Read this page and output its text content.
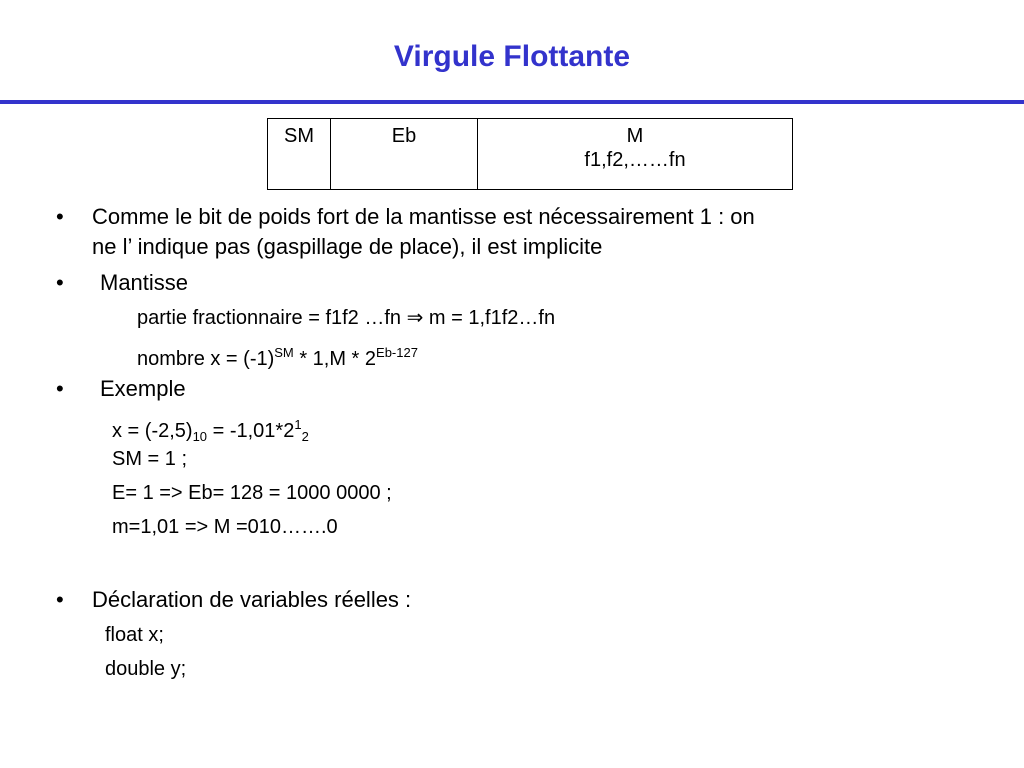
Virgule Flottante
SM	Eb	M
f1,f2,……fn
• Comme le bit de poids fort de la mantisse est nécessairement 1 : on
ne l’ indique pas (gaspillage de place), il est implicite
• Mantisse
partie fractionnaire = f1f2 …fn ⇒ m = 1,f1f2…fn
nombre $x = (-1)℠ * 1,M * 2^{Eb-127}$
• Exemple
$x = (-2,5)_{10} = -1,01*2^1_2$
SM = 1 ;
E= 1 => Eb= 128 = 1000 0000 ;
m=1,01 => M =010…….0
• Déclaration de variables réelles :
float x;
double y;
